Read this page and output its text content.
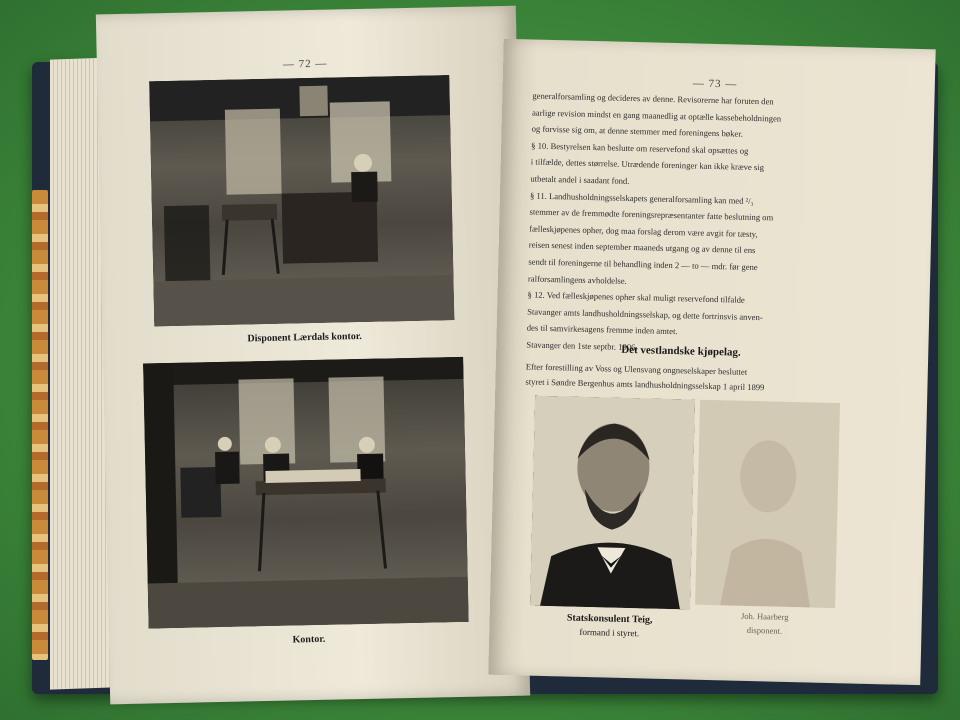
— 72 —
Disponent Lærdals kontor.
Kontor.
— 73 —
generalforsamling og decideres av denne. Revisorerne har foruten den
aarlige revision mindst en gang maanedlig at optælle kassebeholdningen
og forvisse sig om, at denne stemmer med foreningens bøker.
§ 10. Bestyrelsen kan beslutte om reservefond skal opsættes og
i tilfælde, dettes størrelse. Utrædende foreninger kan ikke kræve sig
utbetalt andel i saadant fond.
§ 11. Landhusholdningsselskapets generalforsamling kan med ²/₃
stemmer av de fremmødte foreningsrepræsentanter fatte beslutning om
fælleskjøpenes opher, dog maa forslag derom være avgit for tæsty,
reisen senest inden september maaneds utgang og av denne til ens
sendt til foreningerne til behandling inden 2 — to — mdr. før gene
ralforsamlingens avholdelse.
§ 12. Ved fælleskjøpenes opher skal muligt reservefond tilfalde
Stavanger amts landhusholdningsselskap, og dette fortrinsvis anven-
des til samvirkesagens fremme inden amtet.
Stavanger den 1ste septbr. 1906.
Det vestlandske kjøpelag.
Efter forestilling av Voss og Ulensvang ongneselskaper besluttet
styret i Søndre Bergenhus amts landhusholdningsselskap 1 april 1899
Statskonsulent Teig,
formand i styret.
Joh. Haarberg
disponent.
